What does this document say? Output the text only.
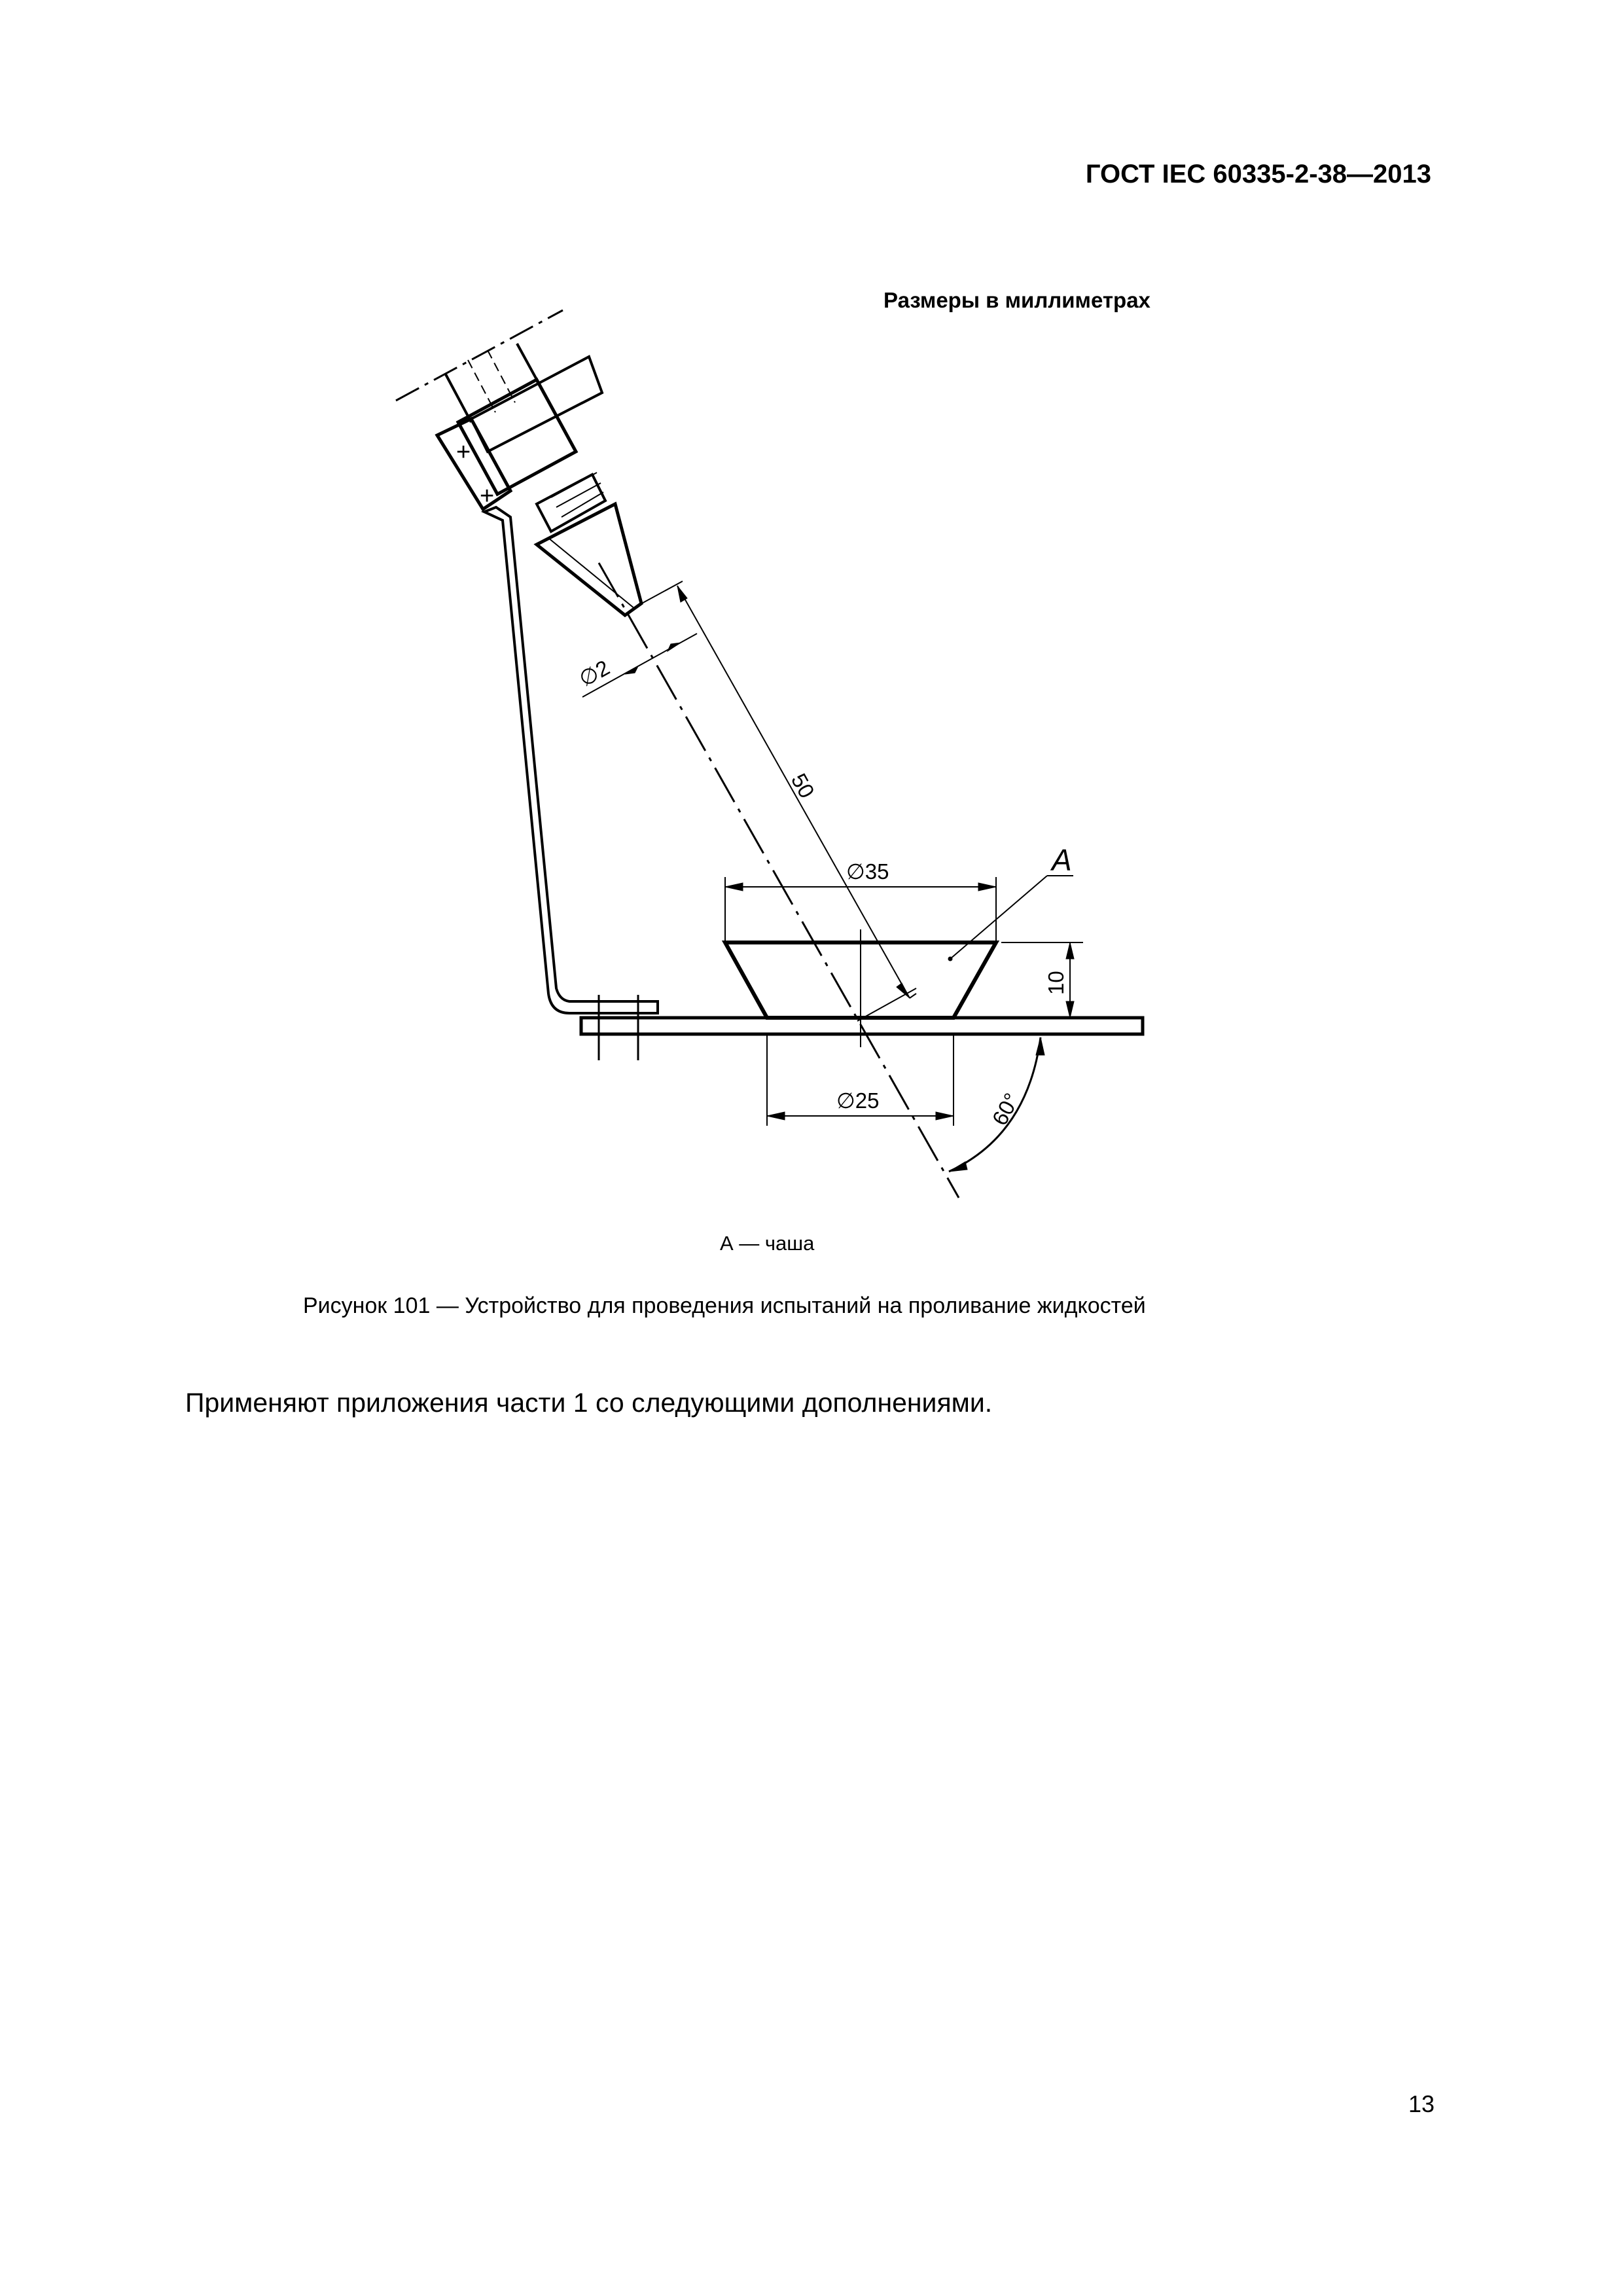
ГОСТ IEC 60335-2-38—2013
Размеры в миллиметрах
+
+
∅2
50
∅35
10
∅25	60°
A
А — чаша
Рисунок 101 — Устройство для проведения испытаний на проливание жидкостей
Применяют приложения части 1 со следующими дополнениями.
13
